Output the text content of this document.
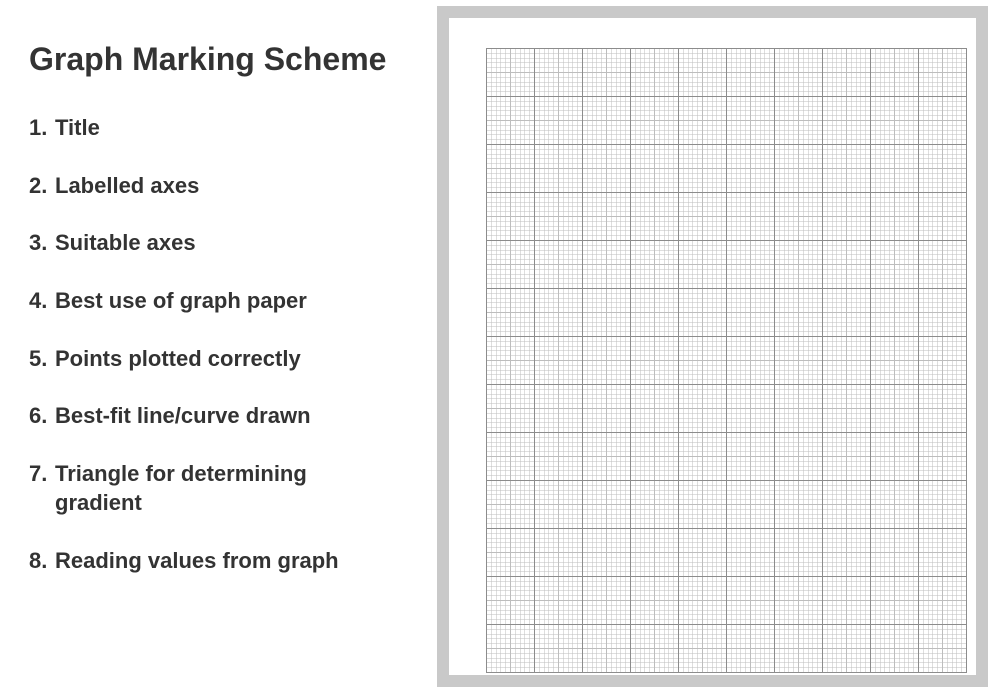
Graph Marking Scheme
1. Title
2. Labelled axes
3. Suitable axes
4. Best use of graph paper
5. Points plotted correctly
6. Best-fit line/curve drawn
7. Triangle for determining gradient
8. Reading values from graph
